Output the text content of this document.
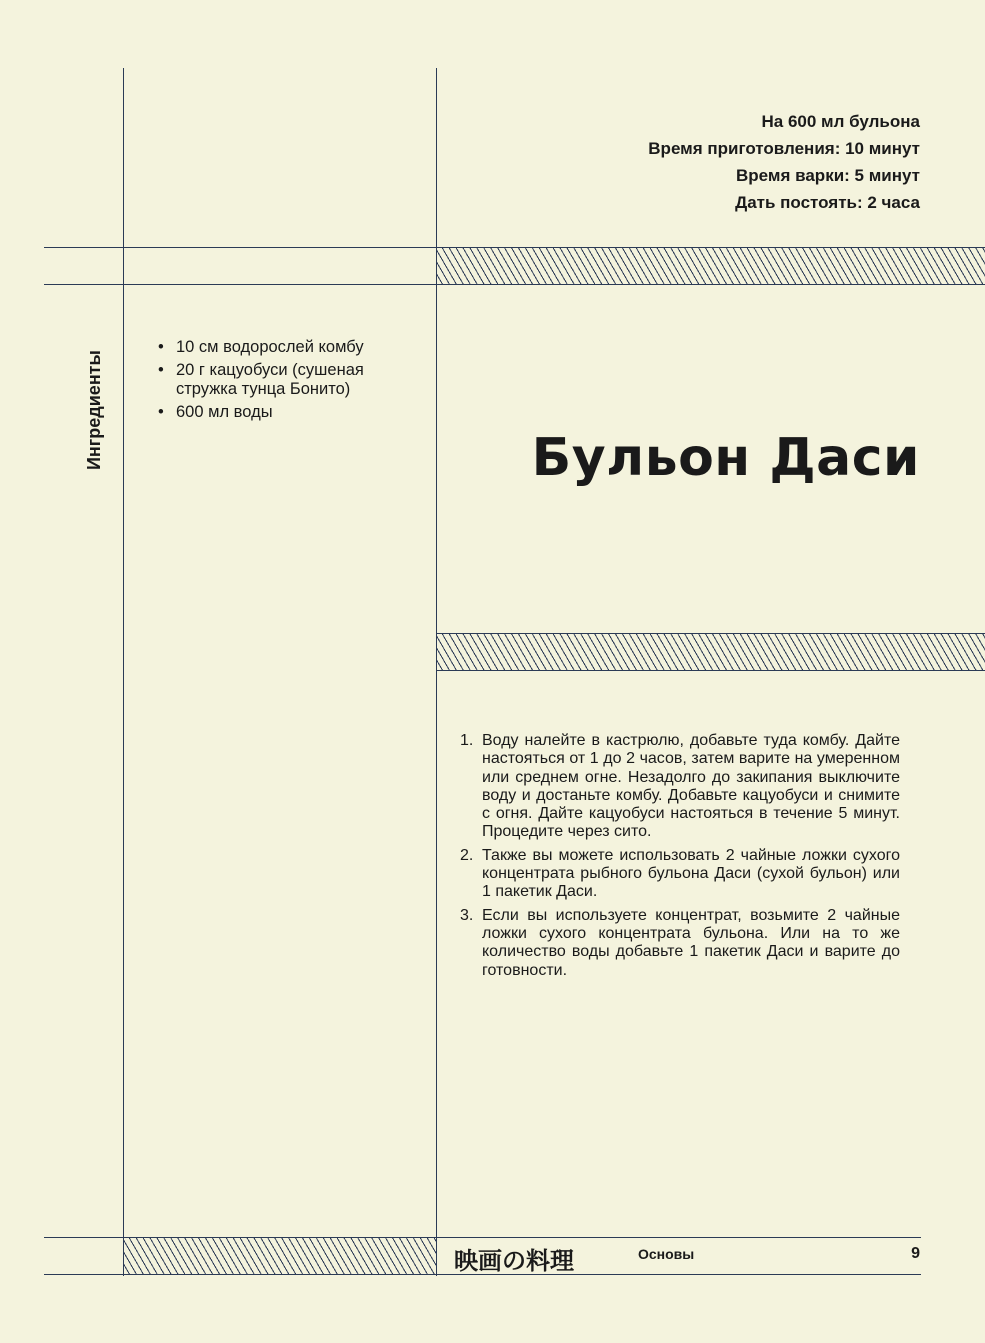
На 600 мл бульона
Время приготовления: 10 минут
Время варки: 5 минут
Дать постоять: 2 часа
Ингредиенты
• 10 см водорослей комбу
• 20 г кацуобуси (сушеная стружка тунца Бонито)
• 600 мл воды
Бульон Даси
1. Воду налейте в кастрюлю, добавьте туда комбу. Дайте настояться от 1 до 2 часов, затем варите на умеренном или среднем огне. Незадолго до закипания выключите воду и достаньте комбу. Добавьте кацуобуси и снимите с огня. Дайте кацуобуси настояться в течение 5 минут. Процедите через сито.
2. Также вы можете использовать 2 чайные ложки сухого концентрата рыбного бульона Даси (сухой бульон) или 1 пакетик Даси.
3. Если вы используете концентрат, возьмите 2 чайные ложки сухого концентрата бульона. Или на то же количество воды добавьте 1 пакетик Даси и варите до готовности.
映画の料理	Основы	9
